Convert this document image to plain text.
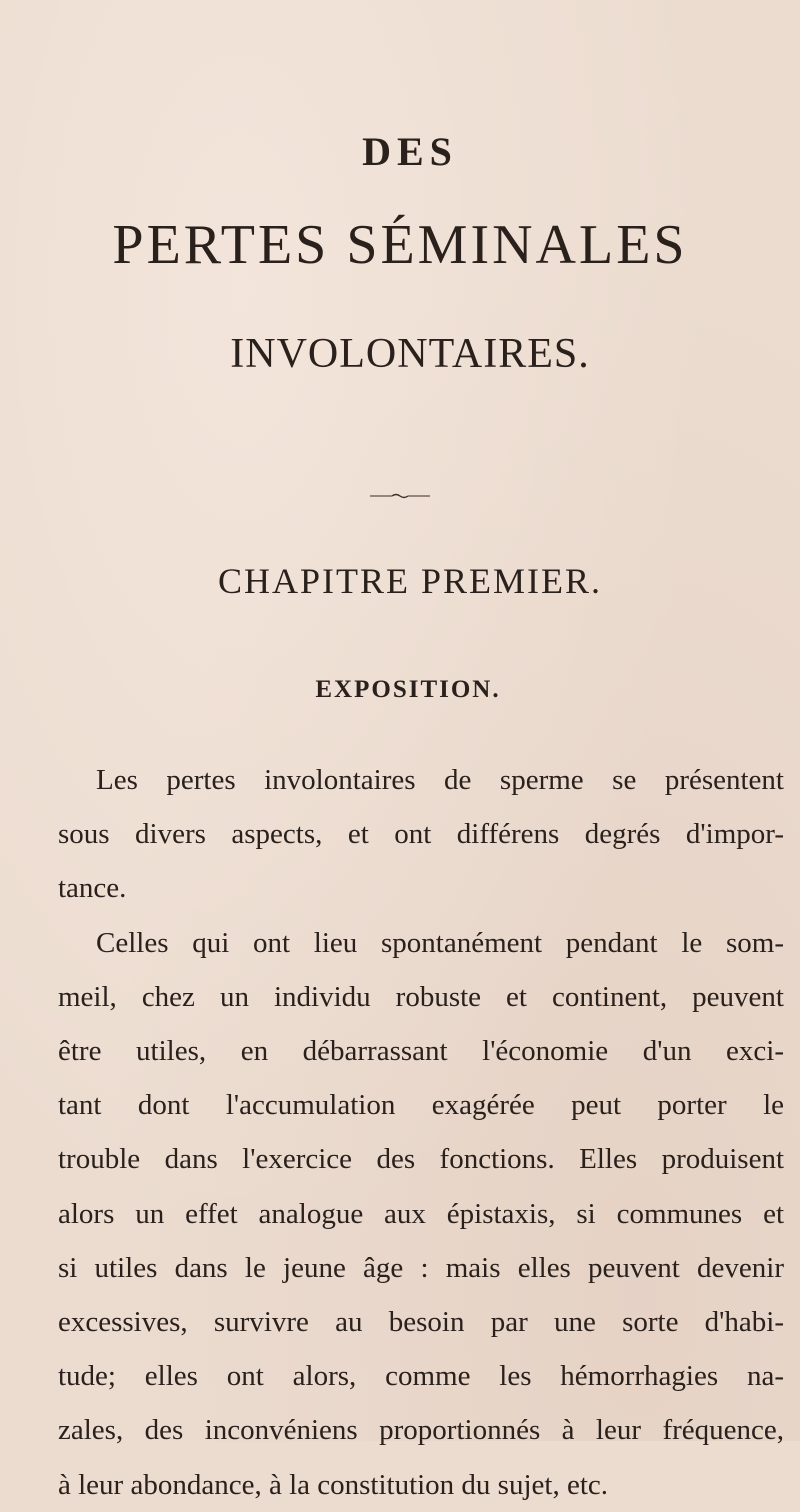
DES
PERTES SÉMINALES
INVOLONTAIRES.
CHAPITRE PREMIER.
EXPOSITION.
Les pertes involontaires de sperme se présentent
sous divers aspects, et ont différens degrés d'impor-
tance.
Celles qui ont lieu spontanément pendant le som-
meil, chez un individu robuste et continent, peuvent
être utiles, en débarrassant l'économie d'un exci-
tant dont l'accumulation exagérée peut porter le
trouble dans l'exercice des fonctions. Elles produisent
alors un effet analogue aux épistaxis, si communes et
si utiles dans le jeune âge : mais elles peuvent devenir
excessives, survivre au besoin par une sorte d'habi-
tude; elles ont alors, comme les hémorrhagies na-
zales, des inconvéniens proportionnés à leur fréquence,
à leur abondance, à la constitution du sujet, etc.
